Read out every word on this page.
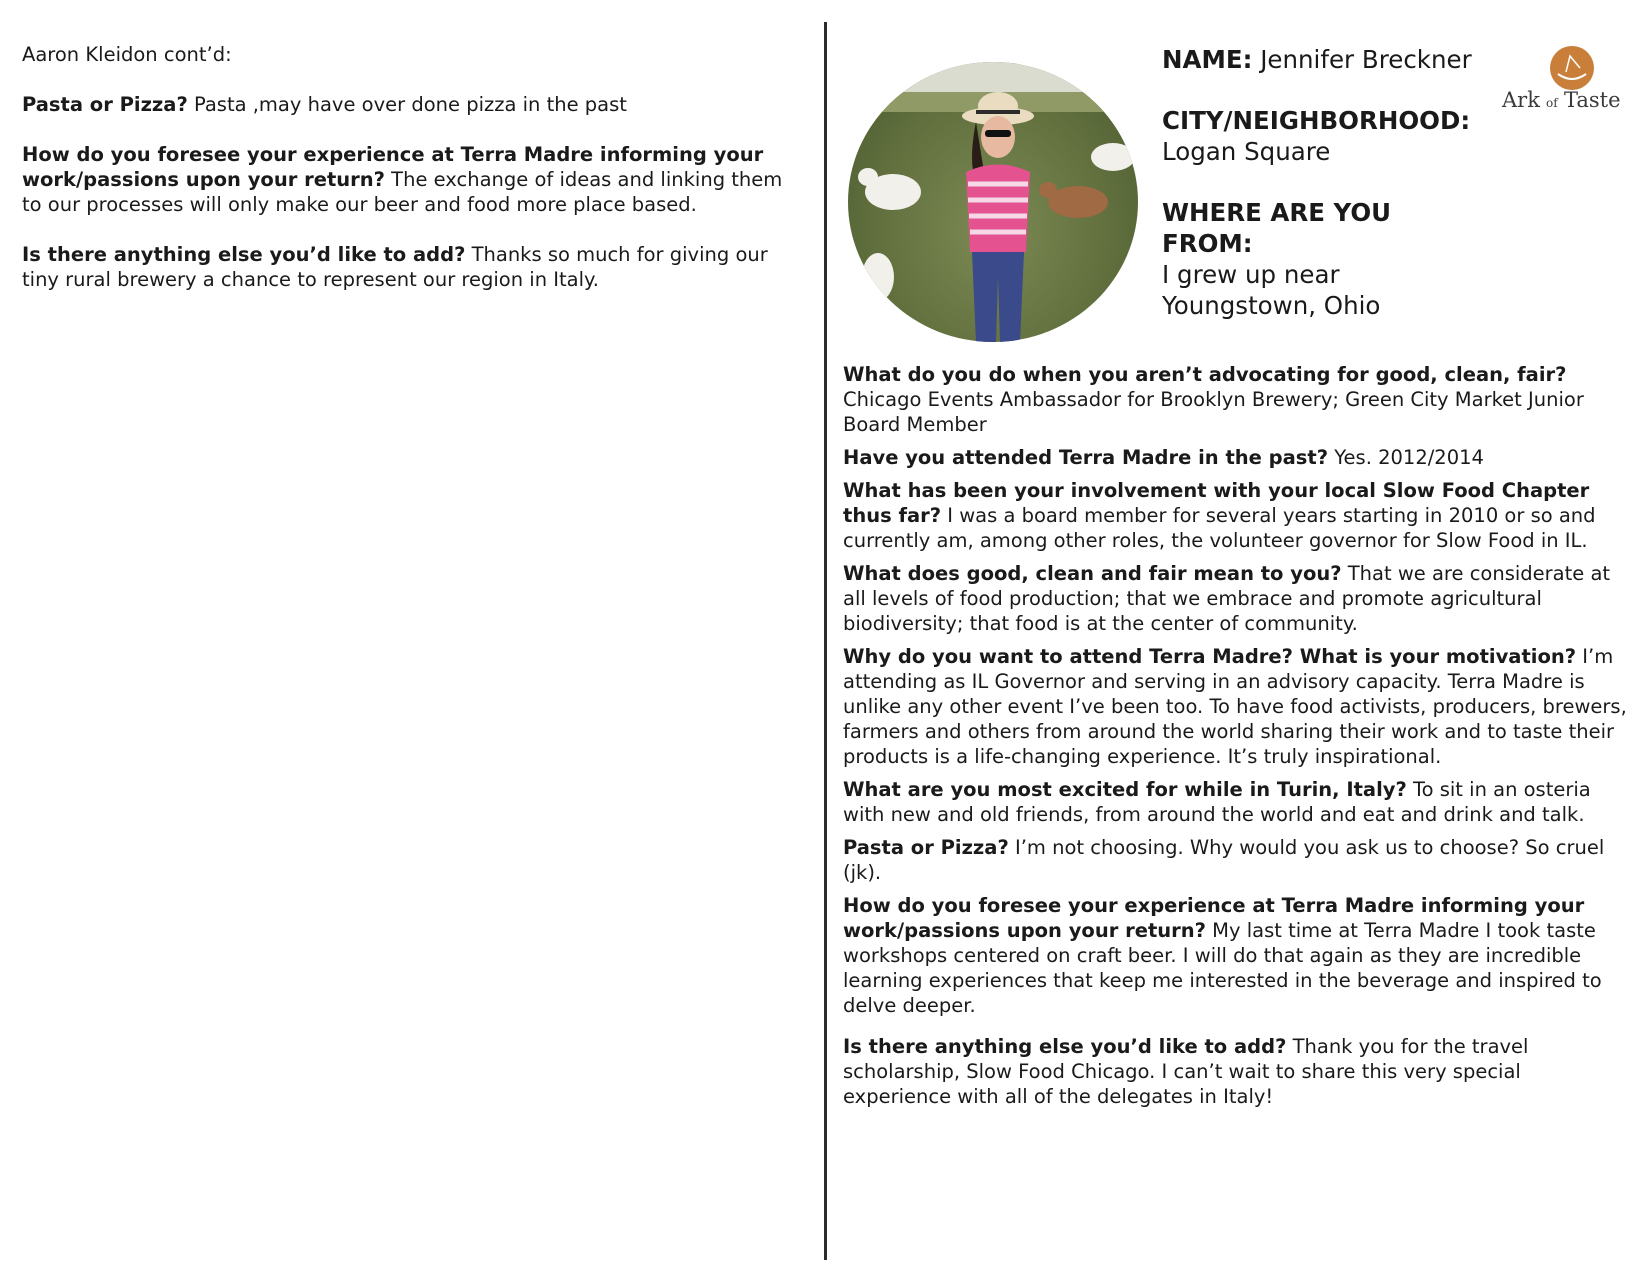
Aaron Kleidon cont’d:

Pasta or Pizza? Pasta ,may have over done pizza in the past

How do you foresee your experience at Terra Madre informing your work/passions upon your return? The exchange of ideas and linking them to our processes will only make our beer and food more place based.

Is there anything else you’d like to add? Thanks so much for giving our tiny rural brewery a chance to represent our region in Italy.

NAME: Jennifer Breckner
CITY/NEIGHBORHOOD:
Logan Square
WHERE ARE YOU FROM:
I grew up near Youngstown, Ohio
Ark of Taste

What do you do when you aren’t advocating for good, clean, fair? Chicago Events Ambassador for Brooklyn Brewery; Green City Market Junior Board Member

Have you attended Terra Madre in the past? Yes. 2012/2014

What has been your involvement with your local Slow Food Chapter thus far? I was a board member for several years starting in 2010 or so and currently am, among other roles, the volunteer governor for Slow Food in IL.

What does good, clean and fair mean to you? That we are considerate at all levels of food production; that we embrace and promote agricultural biodiversity; that food is at the center of community.

Why do you want to attend Terra Madre? What is your motivation? I’m attending as IL Governor and serving in an advisory capacity. Terra Madre is unlike any other event I’ve been too. To have food activists, producers, brewers, farmers and others from around the world sharing their work and to taste their products is a life-changing experience. It’s truly inspirational.

What are you most excited for while in Turin, Italy? To sit in an osteria with new and old friends, from around the world and eat and drink and talk.

Pasta or Pizza? I’m not choosing. Why would you ask us to choose? So cruel (jk).

How do you foresee your experience at Terra Madre informing your work/passions upon your return? My last time at Terra Madre I took taste workshops centered on craft beer. I will do that again as they are incredible learning experiences that keep me interested in the beverage and inspired to delve deeper.

Is there anything else you’d like to add? Thank you for the travel scholarship, Slow Food Chicago. I can’t wait to share this very special experience with all of the delegates in Italy!
